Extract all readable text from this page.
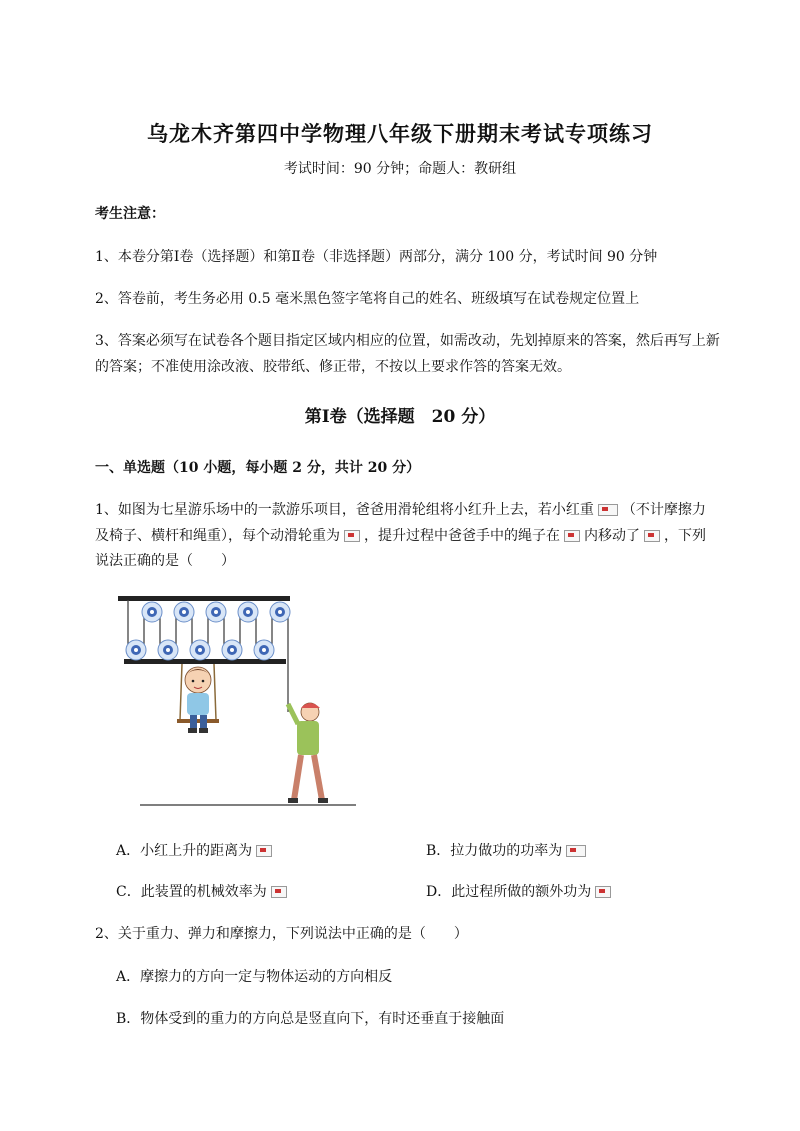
乌龙木齐第四中学物理八年级下册期末考试专项练习
考试时间：90 分钟；命题人：教研组
考生注意：
1、本卷分第Ⅰ卷（选择题）和第Ⅱ卷（非选择题）两部分，满分 100 分，考试时间 90 分钟
2、答卷前，考生务必用 0.5 毫米黑色签字笔将自己的姓名、班级填写在试卷规定位置上
3、答案必须写在试卷各个题目指定区域内相应的位置，如需改动，先划掉原来的答案，然后再写上新
的答案；不准使用涂改液、胶带纸、修正带，不按以上要求作答的答案无效。
第Ⅰ卷（选择题　20 分）
一、单选题（10 小题，每小题 2 分，共计 20 分）
1、如图为七星游乐场中的一款游乐项目，爸爸用滑轮组将小红升上去，若小红重 （不计摩擦力
及椅子、横杆和绳重），每个动滑轮重为 ，提升过程中爸爸手中的绳子在 内移动了 ，下列
说法正确的是（　　）
A．小红上升的距离为	B．拉力做功的功率为
C．此装置的机械效率为	D．此过程所做的额外功为
2、关于重力、弹力和摩擦力，下列说法中正确的是（　　）
A．摩擦力的方向一定与物体运动的方向相反
B．物体受到的重力的方向总是竖直向下，有时还垂直于接触面
